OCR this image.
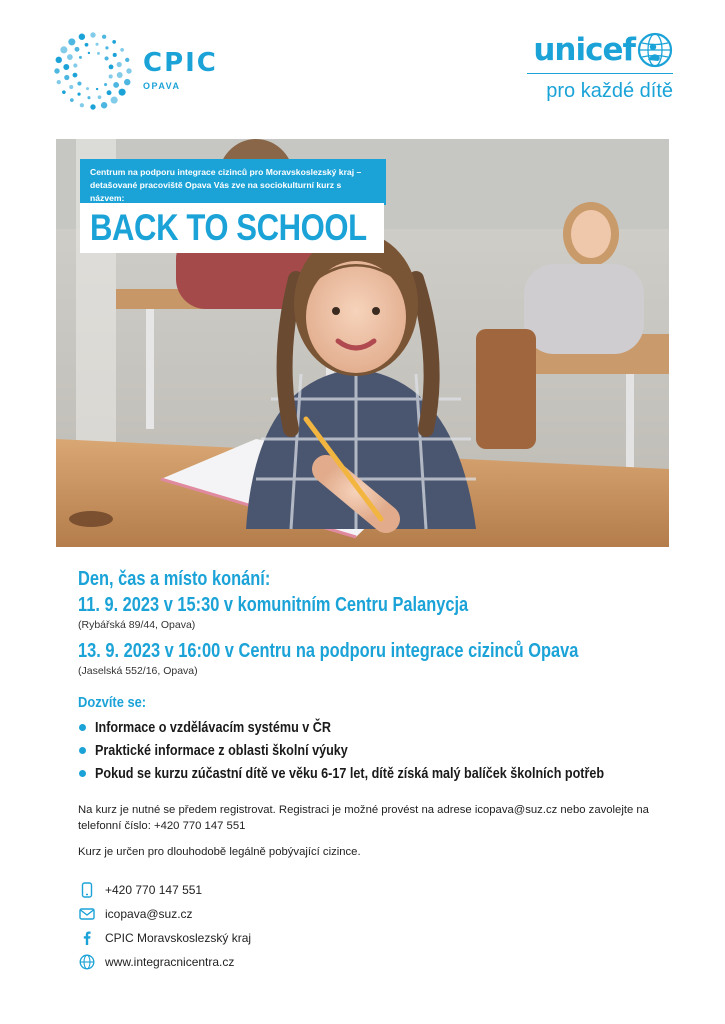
CPIC
OPAVA
unicef
pro každé dítě
Centrum na podporu integrace cizinců pro Moravskoslezský kraj – detašované pracoviště Opava Vás zve na sociokulturní kurz s názvem:
BACK TO SCHOOL
Den, čas a místo konání:
11. 9. 2023 v 15:30 v komunitním Centru Palanycja
(Rybářská 89/44, Opava)
13. 9. 2023 v 16:00 v Centru na podporu integrace cizinců Opava
(Jaselská 552/16, Opava)
Dozvíte se:
Informace o vzdělávacím systému v ČR
Praktické informace z oblasti školní výuky
Pokud se kurzu zúčastní dítě ve věku 6-17 let, dítě získá malý balíček školních potřeb

Na kurz je nutné se předem registrovat. Registraci je možné provést na adrese icopava@suz.cz nebo zavolejte na telefonní číslo: +420 770 147 551

Kurz je určen pro dlouhodobě legálně pobývající cizince.

+420 770 147 551
icopava@suz.cz
CPIC Moravskoslezský kraj
www.integracnicentra.cz
